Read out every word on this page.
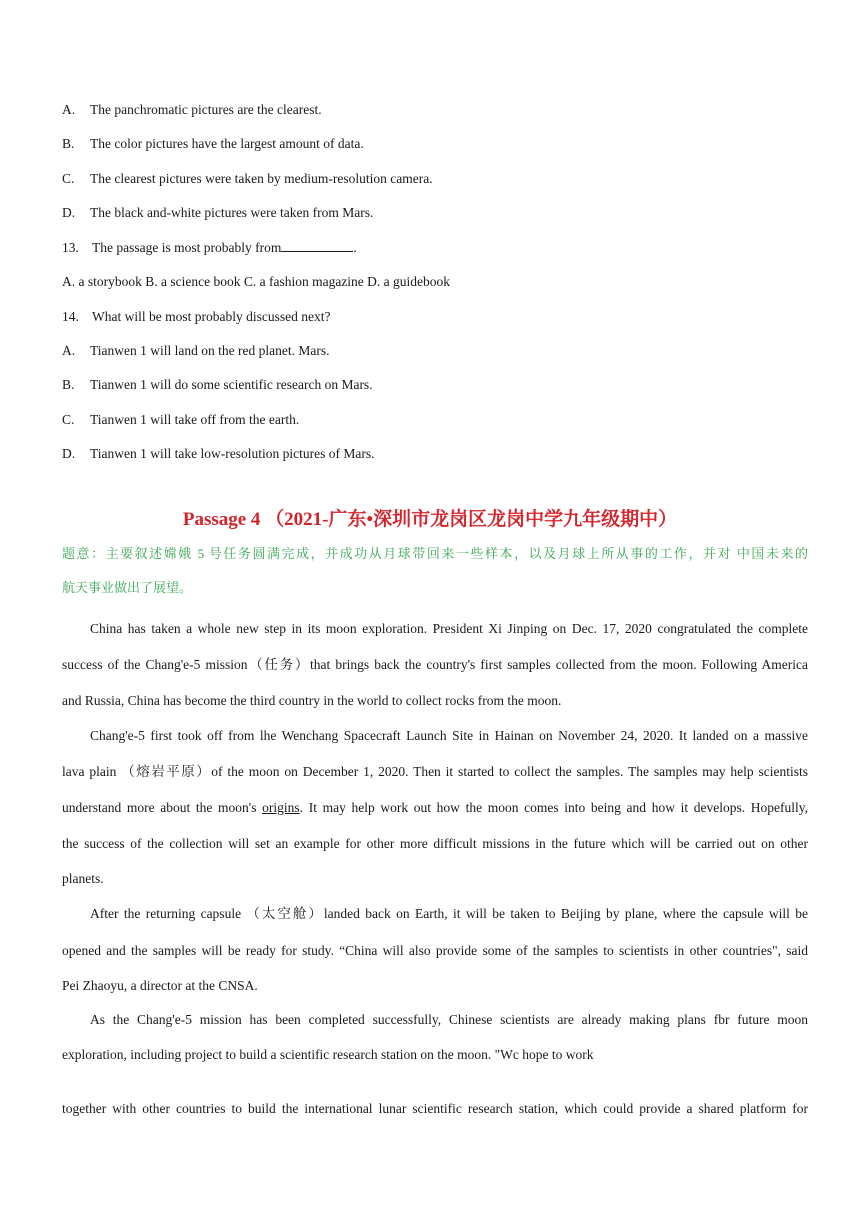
A. The panchromatic pictures are the clearest.
B. The color pictures have the largest amount of data.
C. The clearest pictures were taken by medium-resolution camera.
D. The black and-white pictures were taken from Mars.
13. The passage is most probably from	.
A. a storybook B. a science book C. a fashion magazine D. a guidebook
14. What will be most probably discussed next?
A. Tianwen 1 will land on the red planet. Mars.
B. Tianwen 1 will do some scientific research on Mars.
C. Tianwen 1 will take off from the earth.
D. Tianwen 1 will take low-resolution pictures of Mars.
Passage 4 （2021-广东•深圳市龙岗区龙岗中学九年级期中）
题意：主要叙述嫦娥 5 号任务圆满完成，并成功从月球带回来一些样本，以及月球上所从事的工作，并对 中国未来的
航天事业做出了展望。
China has taken a whole new step in its moon exploration. President Xi Jinping on Dec. 17, 2020 congratulated the complete
success of the Chang'e-5 mission（任务）that brings back the country's first samples collected from the moon. Following America
and Russia, China has become the third country in the world to collect rocks from the moon.
Chang'e-5 first took off from lhe Wenchang Spacecraft Launch Site in Hainan on November 24, 2020. It landed on a massive
lava plain （熔岩平原）of the moon on December 1, 2020. Then it started to collect the samples. The samples may help scientists
understand more about the moon's origins. It may help work out how the moon comes into being and how it develops. Hopefully,
the success of the collection will set an example for other more difficult missions in the future which will be carried out on other
planets.
After the returning capsule （太空舱）landed back on Earth, it will be taken to Beijing by plane, where the capsule will be
opened and the samples will be ready for study. “China will also provide some of the samples to scientists in other countries", said
Pei Zhaoyu, a director at the CNSA.
As the Chang'e-5 mission has been completed successfully, Chinese scientists are already making plans fbr future moon
exploration, including project to build a scientific research station on the moon. "Wc hope to work
together with other countries to build the international lunar scientific research station, which could provide a shared platform for
